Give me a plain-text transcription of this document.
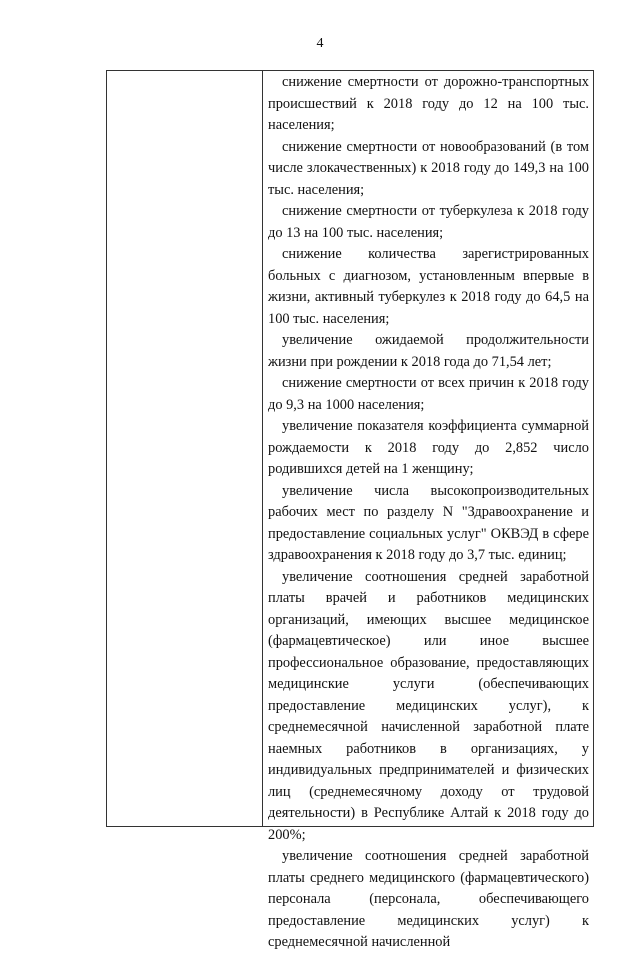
4

снижение смертности от дорожно-транспортных происшествий к 2018 году до 12 на 100 тыс. населения;

снижение смертности от новообразований (в том числе злокачественных) к 2018 году до 149,3 на 100 тыс. населения;

снижение смертности от туберкулеза к 2018 году до 13 на 100 тыс. населения;

снижение количества зарегистрированных больных с диагнозом, установленным впервые в жизни, активный туберкулез к 2018 году до 64,5 на 100 тыс. населения;

увеличение ожидаемой продолжительности жизни при рождении к 2018 года до 71,54 лет;

снижение смертности от всех причин к 2018 году до 9,3 на 1000 населения;

увеличение показателя коэффициента суммарной рождаемости к 2018 году до 2,852 число родившихся детей на 1 женщину;

увеличение числа высокопроизводительных рабочих мест по разделу N "Здравоохранение и предоставление социальных услуг" ОКВЭД в сфере здравоохранения к 2018 году до 3,7 тыс. единиц;

увеличение соотношения средней заработной платы врачей и работников медицинских организаций, имеющих высшее медицинское (фармацевтическое) или иное высшее профессиональное образование, предоставляющих медицинские услуги (обеспечивающих предоставление медицинских услуг), к среднемесячной начисленной заработной плате наемных работников в организациях, у индивидуальных предпринимателей и физических лиц (среднемесячному доходу от трудовой деятельности) в Республике Алтай к 2018 году до 200%;

увеличение соотношения средней заработной платы среднего медицинского (фармацевтического) персонала (персонала, обеспечивающего предоставление медицинских услуг) к среднемесячной начисленной
